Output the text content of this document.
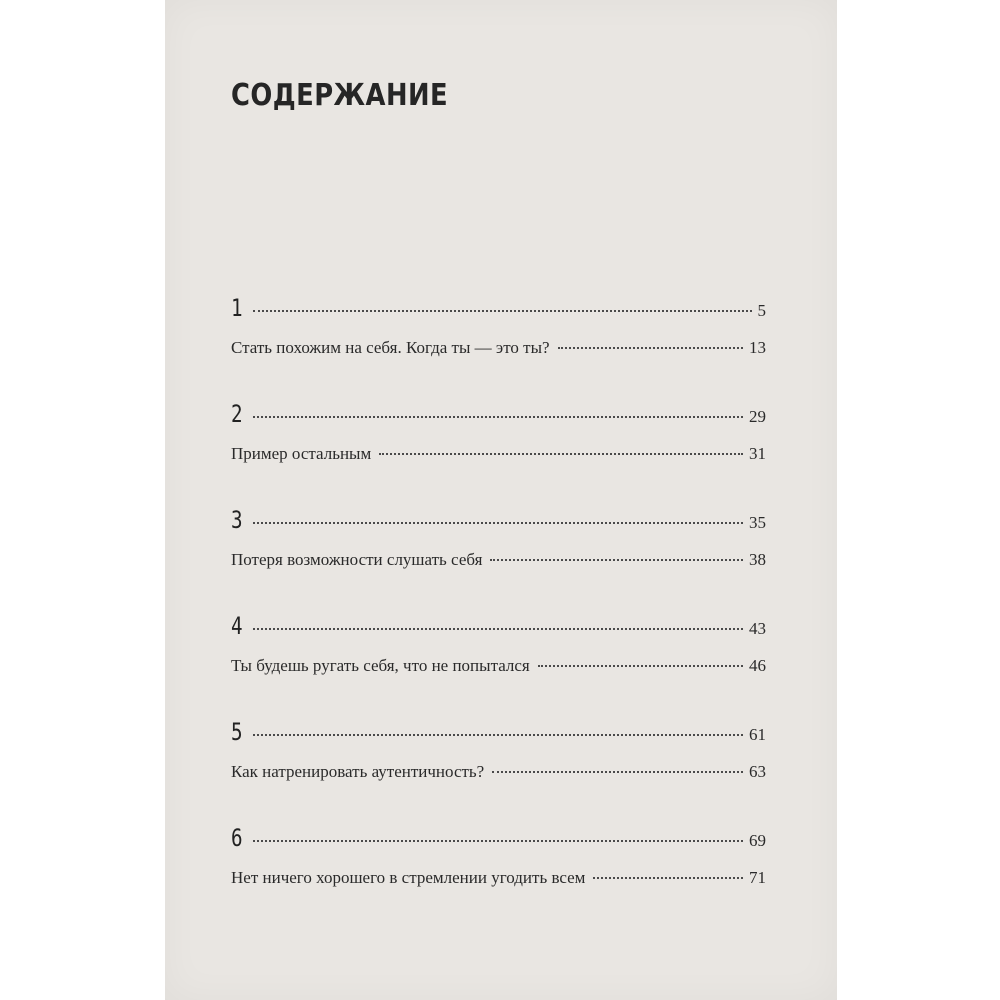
СОДЕРЖАНИЕ
1	5
Стать похожим на себя. Когда ты — это ты?	13
2	29
Пример остальным	31
3	35
Потеря возможности слушать себя	38
4	43
Ты будешь ругать себя, что не попытался	46
5	61
Как натренировать аутентичность?	63
6	69
Нет ничего хорошего в стремлении угодить всем	71
